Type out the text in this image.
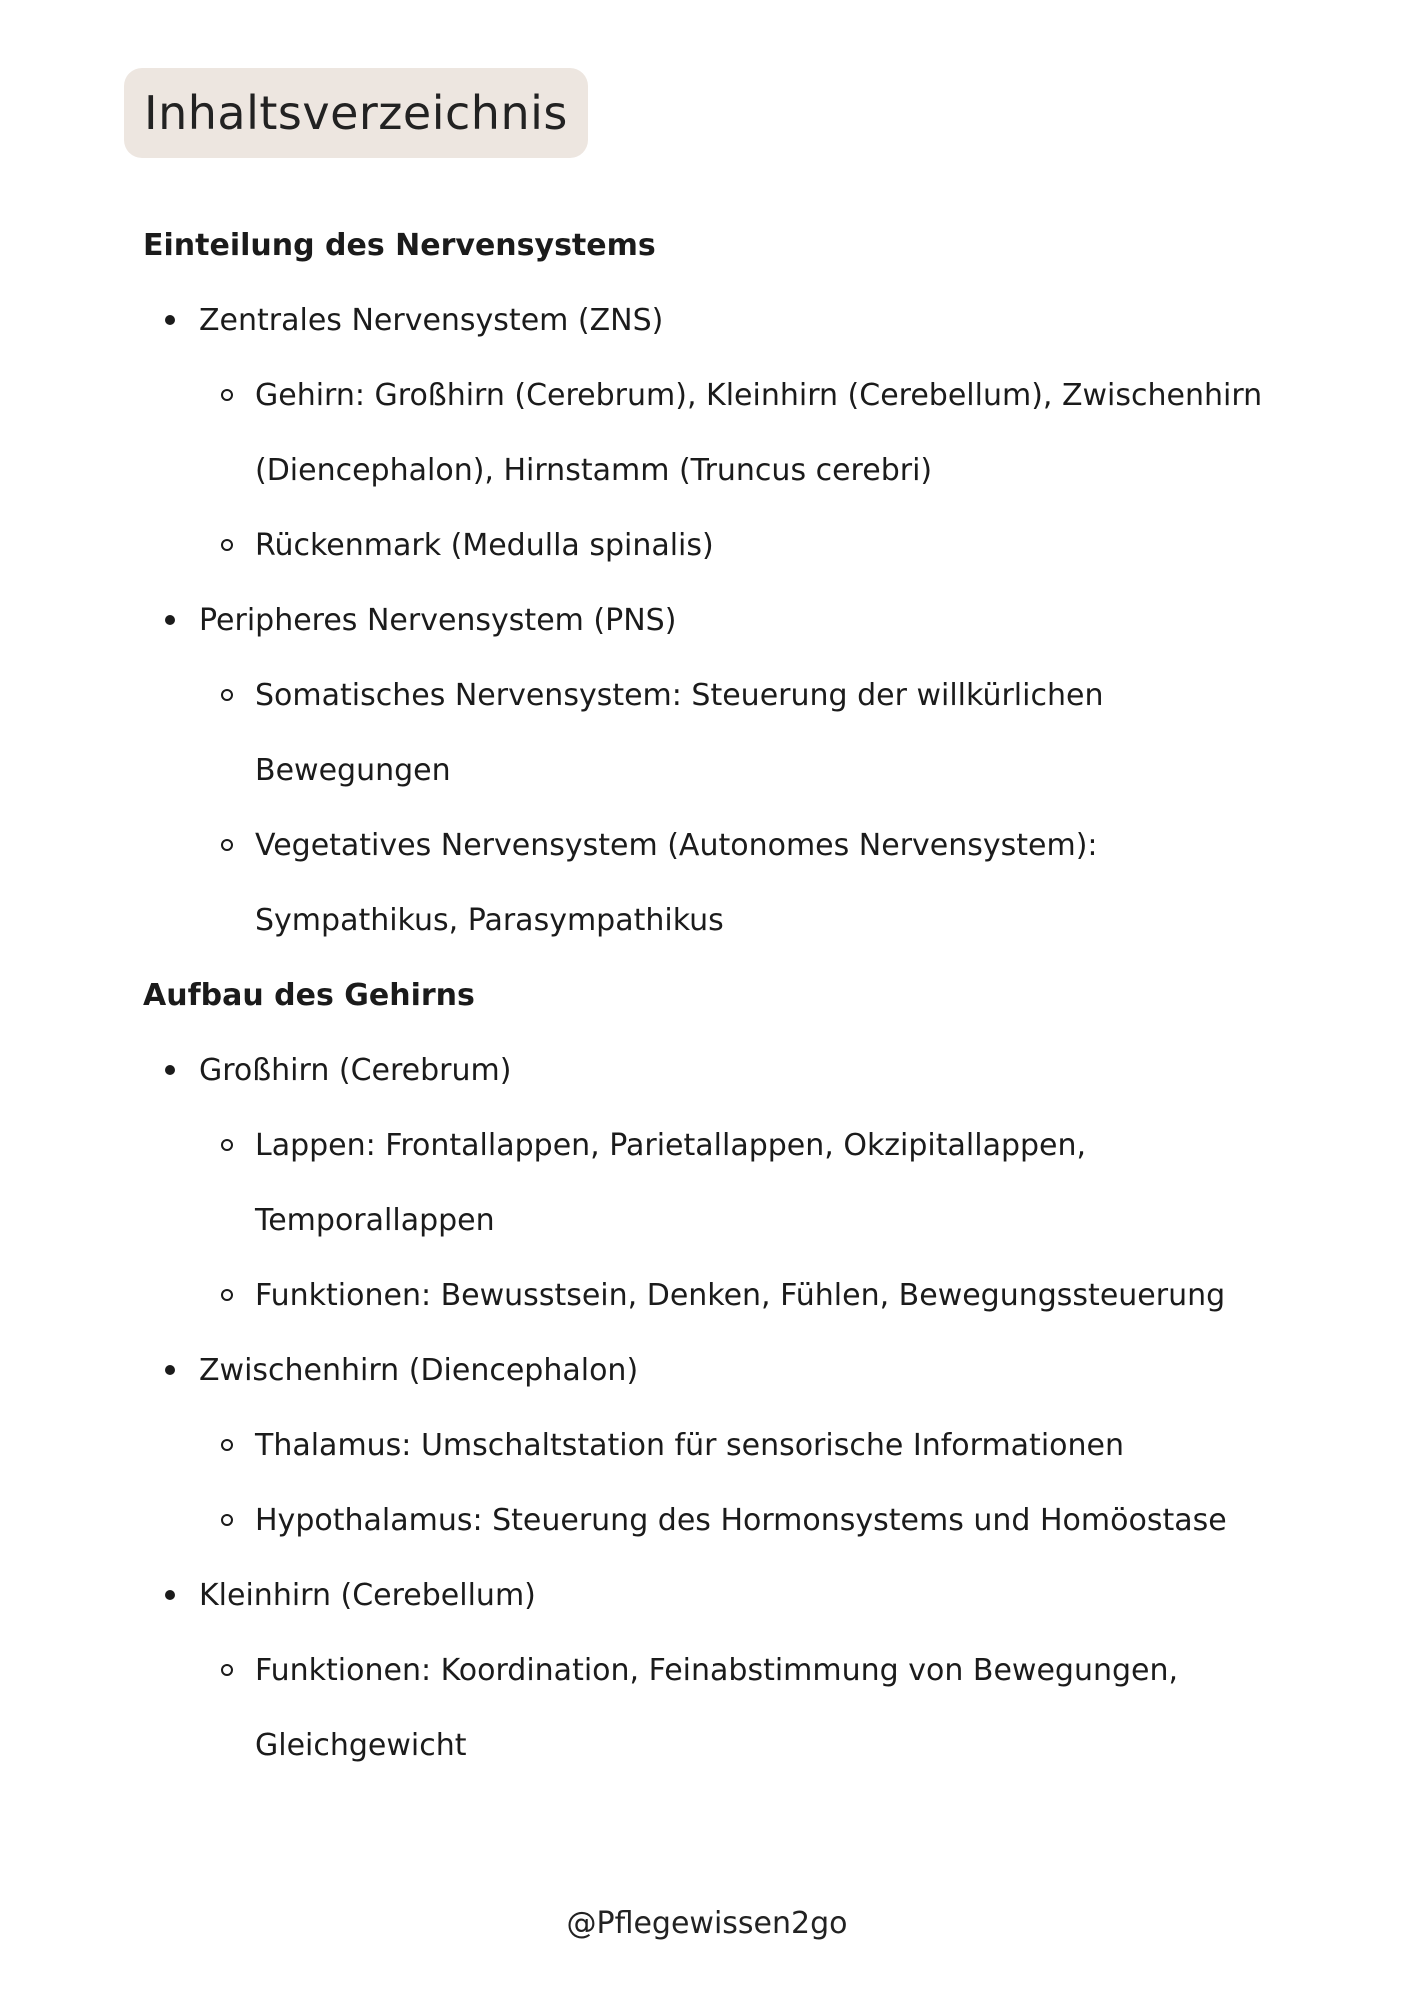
Inhaltsverzeichnis
Einteilung des Nervensystems
Zentrales Nervensystem (ZNS)
Gehirn: Großhirn (Cerebrum), Kleinhirn (Cerebellum), Zwischenhirn (Diencephalon), Hirnstamm (Truncus cerebri)
Rückenmark (Medulla spinalis)
Peripheres Nervensystem (PNS)
Somatisches Nervensystem: Steuerung der willkürlichen Bewegungen
Vegetatives Nervensystem (Autonomes Nervensystem): Sympathikus, Parasympathikus
Aufbau des Gehirns
Großhirn (Cerebrum)
Lappen: Frontallappen, Parietallappen, Okzipitallappen, Temporallappen
Funktionen: Bewusstsein, Denken, Fühlen, Bewegungssteuerung
Zwischenhirn (Diencephalon)
Thalamus: Umschaltstation für sensorische Informationen
Hypothalamus: Steuerung des Hormonsystems und Homöostase
Kleinhirn (Cerebellum)
Funktionen: Koordination, Feinabstimmung von Bewegungen, Gleichgewicht
@Pflegewissen2go
